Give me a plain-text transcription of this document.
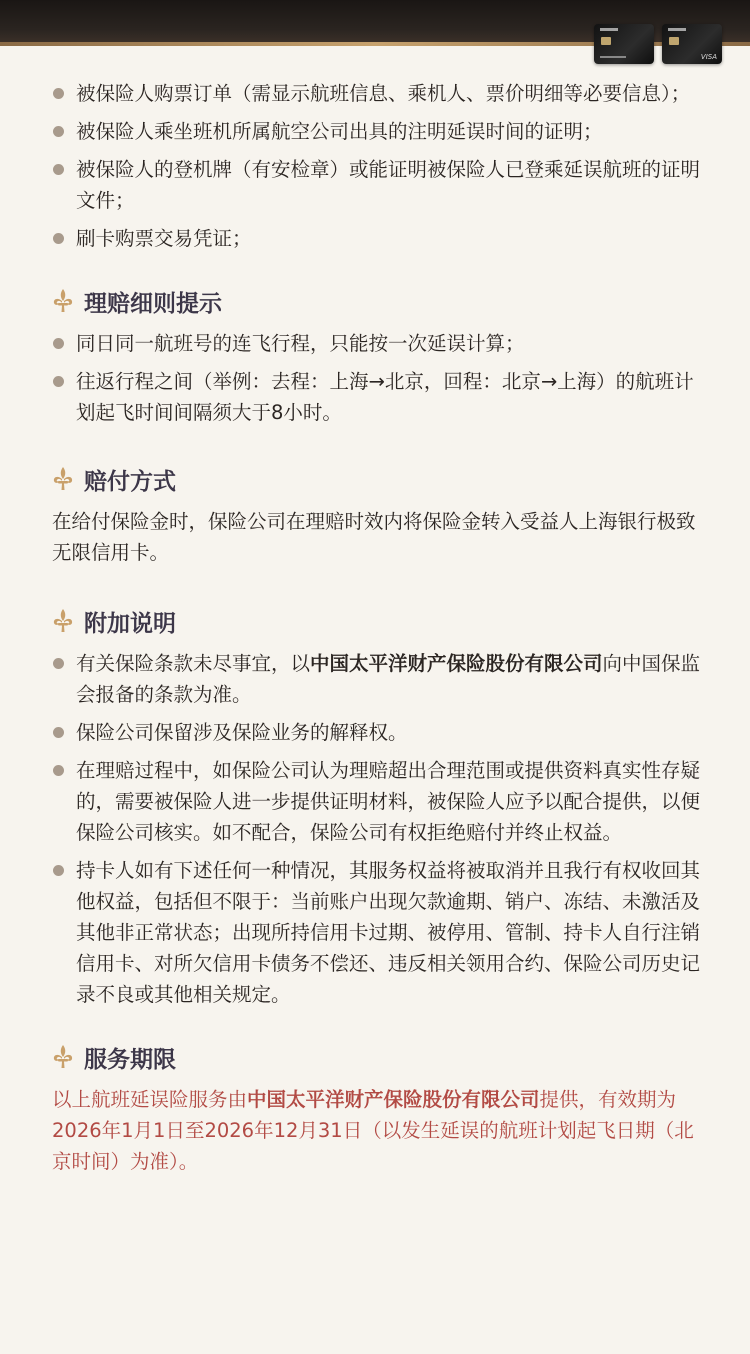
VISA
被保险人购票订单（需显示航班信息、乘机人、票价明细等必要信息）；
被保险人乘坐班机所属航空公司出具的注明延误时间的证明；
被保险人的登机牌（有安检章）或能证明被保险人已登乘延误航班的证明文件；
刷卡购票交易凭证；
理赔细则提示
同日同一航班号的连飞行程，只能按一次延误计算；
往返行程之间（举例：去程：上海→北京，回程：北京→上海）的航班计划起飞时间间隔须大于8小时。
赔付方式

在给付保险金时，保险公司在理赔时效内将保险金转入受益人上海银行极致无限信用卡。

附加说明
有关保险条款未尽事宜，以中国太平洋财产保险股份有限公司向中国保监会报备的条款为准。
保险公司保留涉及保险业务的解释权。
在理赔过程中，如保险公司认为理赔超出合理范围或提供资料真实性存疑的，需要被保险人进一步提供证明材料，被保险人应予以配合提供，以便保险公司核实。如不配合，保险公司有权拒绝赔付并终止权益。
持卡人如有下述任何一种情况，其服务权益将被取消并且我行有权收回其他权益，包括但不限于：当前账户出现欠款逾期、销户、冻结、未激活及其他非正常状态；出现所持信用卡过期、被停用、管制、持卡人自行注销信用卡、对所欠信用卡债务不偿还、违反相关领用合约、保险公司历史记录不良或其他相关规定。
服务期限

以上航班延误险服务由中国太平洋财产保险股份有限公司提供，有效期为2026年1月1日至2026年12月31日（以发生延误的航班计划起飞日期（北京时间）为准）。
